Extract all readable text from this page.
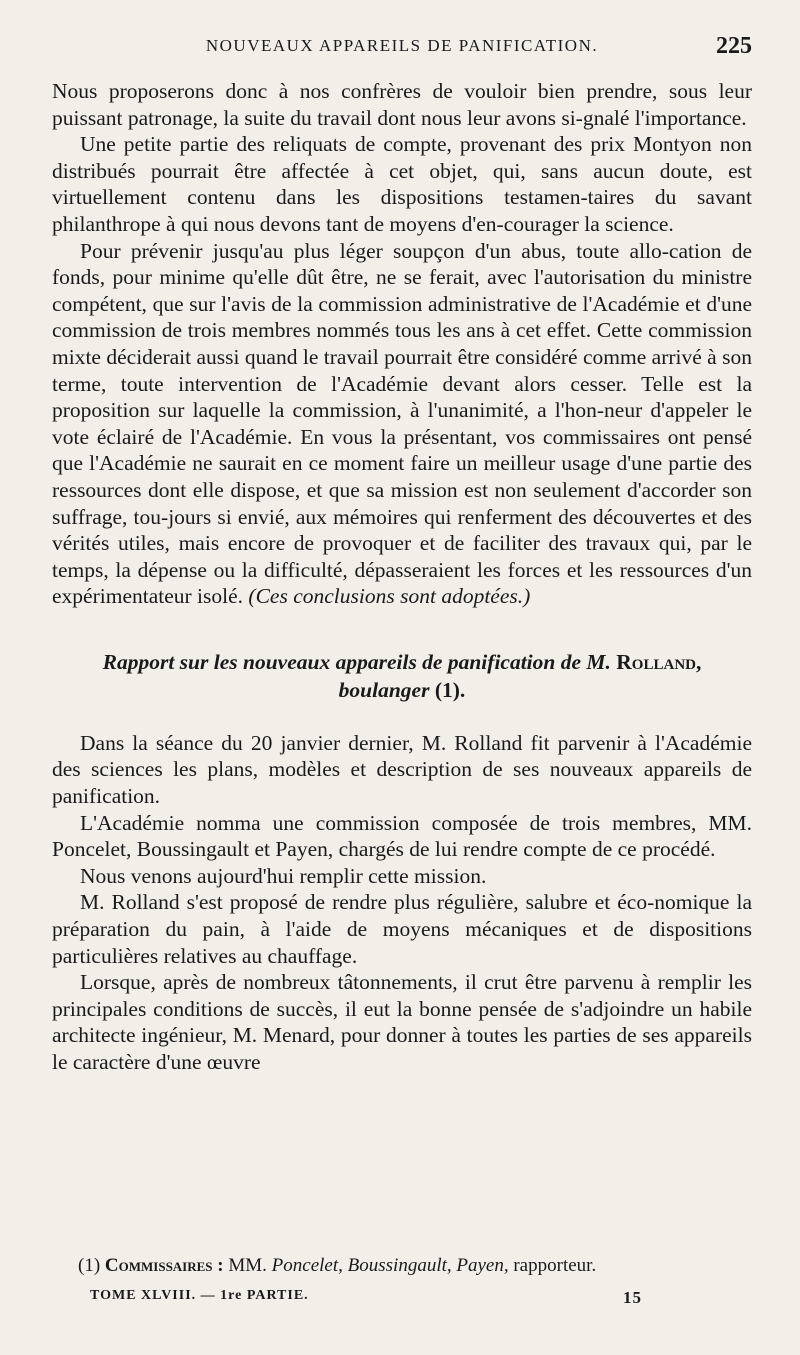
NOUVEAUX APPAREILS DE PANIFICATION.	225

Nous proposerons donc à nos confrères de vouloir bien prendre, sous leur puissant patronage, la suite du travail dont nous leur avons si-gnalé l'importance.

Une petite partie des reliquats de compte, provenant des prix Montyon non distribués pourrait être affectée à cet objet, qui, sans aucun doute, est virtuellement contenu dans les dispositions testamen-taires du savant philanthrope à qui nous devons tant de moyens d'en-courager la science.

Pour prévenir jusqu'au plus léger soupçon d'un abus, toute allo-cation de fonds, pour minime qu'elle dût être, ne se ferait, avec l'autorisation du ministre compétent, que sur l'avis de la commission administrative de l'Académie et d'une commission de trois membres nommés tous les ans à cet effet. Cette commission mixte déciderait aussi quand le travail pourrait être considéré comme arrivé à son terme, toute intervention de l'Académie devant alors cesser. Telle est la proposition sur laquelle la commission, à l'unanimité, a l'hon-neur d'appeler le vote éclairé de l'Académie. En vous la présentant, vos commissaires ont pensé que l'Académie ne saurait en ce moment faire un meilleur usage d'une partie des ressources dont elle dispose, et que sa mission est non seulement d'accorder son suffrage, tou-jours si envié, aux mémoires qui renferment des découvertes et des vérités utiles, mais encore de provoquer et de faciliter des travaux qui, par le temps, la dépense ou la difficulté, dépasseraient les forces et les ressources d'un expérimentateur isolé. (Ces conclusions sont adoptées.)

Rapport sur les nouveaux appareils de panification de M. Rolland,
boulanger (1).

Dans la séance du 20 janvier dernier, M. Rolland fit parvenir à l'Académie des sciences les plans, modèles et description de ses nouveaux appareils de panification.

L'Académie nomma une commission composée de trois membres, MM. Poncelet, Boussingault et Payen, chargés de lui rendre compte de ce procédé.

Nous venons aujourd'hui remplir cette mission.

M. Rolland s'est proposé de rendre plus régulière, salubre et éco-nomique la préparation du pain, à l'aide de moyens mécaniques et de dispositions particulières relatives au chauffage.

Lorsque, après de nombreux tâtonnements, il crut être parvenu à remplir les principales conditions de succès, il eut la bonne pensée de s'adjoindre un habile architecte ingénieur, M. Menard, pour donner à toutes les parties de ses appareils le caractère d'une œuvre

(1) Commissaires : MM. Poncelet, Boussingault, Payen, rapporteur.
TOME XLVIII. — 1re PARTIE.	15
